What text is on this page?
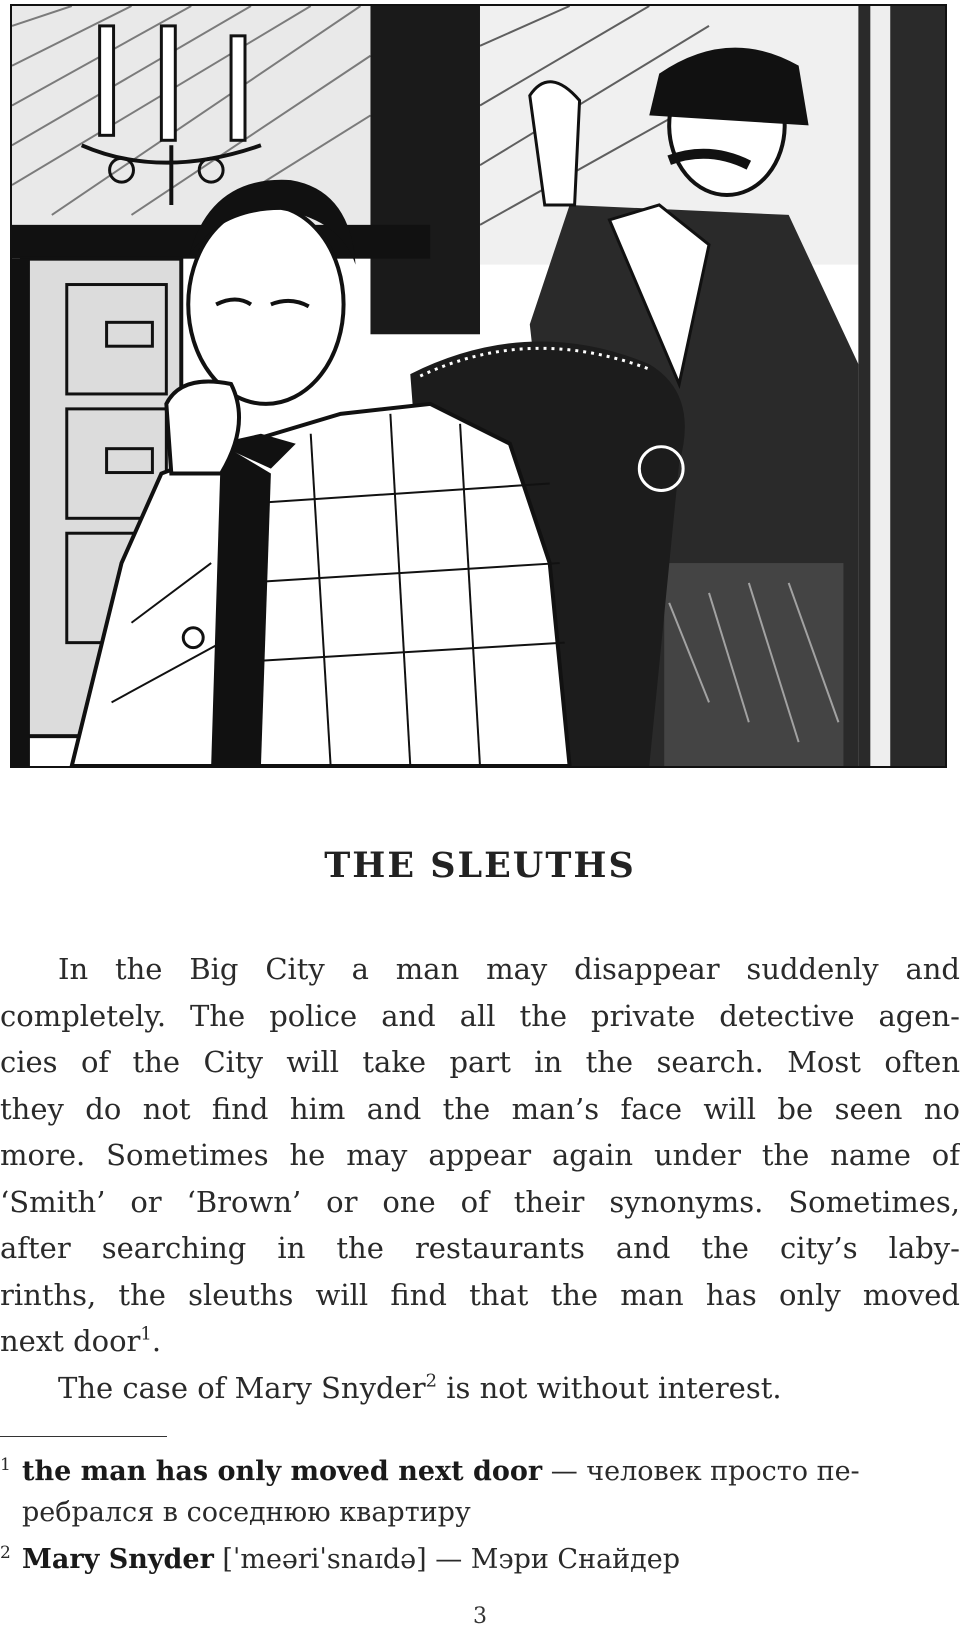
THE SLEUTHS
In the Big City a man may disappear suddenly and
completely. The police and all the private detective agen-
cies of the City will take part in the search. Most often
they do not find him and the man’s face will be seen no
more. Sometimes he may appear again under the name of
‘Smith’ or ‘Brown’ or one of their synonyms. Sometimes,
after searching in the restaurants and the city’s laby-
rinths, the sleuths will find that the man has only moved
next door$^1$.
The case of Mary Snyder$^2$ is not without interest.
1 the man has only moved next door — человек просто пе-
ребрался в соседнюю квартиру
2 Mary Snyder [ˈmeəriˈsnaɪdə] — Мэри Снайдер
3
